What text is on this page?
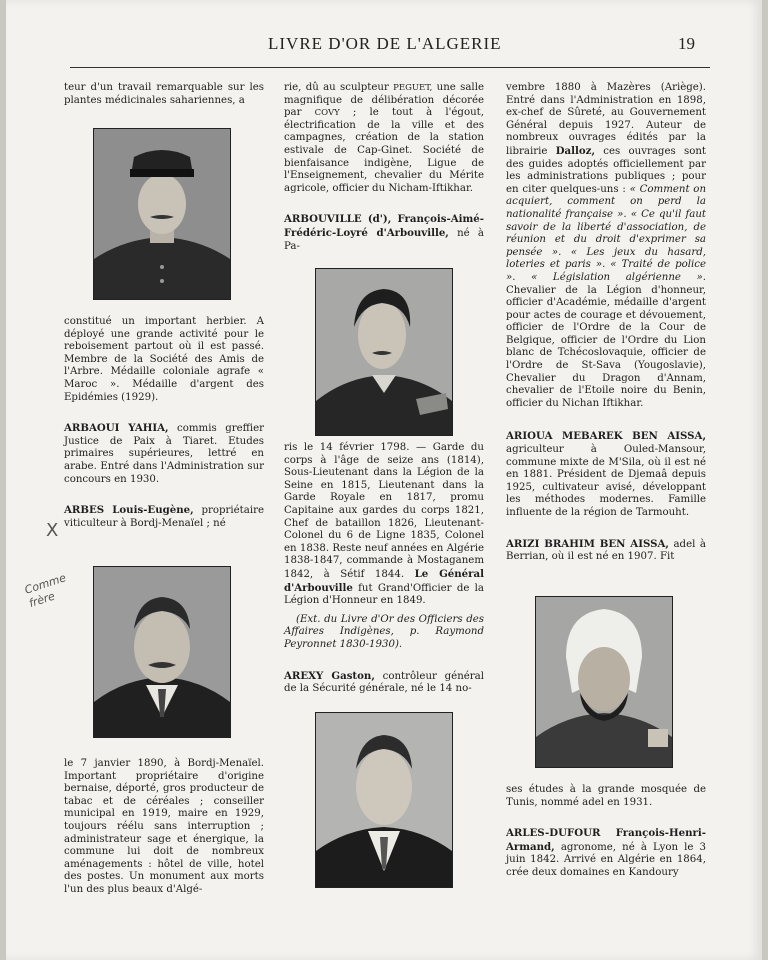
LIVRE D'OR DE L'ALGERIE	19

teur d'un travail remarquable sur les plantes médicinales sahariennes, a

constitué un important herbier. A déployé une grande activité pour le reboisement partout où il est passé. Membre de la Société des Amis de l'Arbre. Médaille coloniale agrafe « Maroc ». Médaille d'argent des Epidémies (1929).

ARBAOUI YAHIA, commis greffier Justice de Paix à Tiaret. Etudes primaires supérieures, lettré en arabe. Entré dans l'Administration sur concours en 1930.

ARBES Louis-Eugène, propriétaire viticulteur à Bordj-Menaïel ; né

X
Comme frère

le 7 janvier 1890, à Bordj-Menaïel. Important propriétaire d'origine bernaise, déporté, gros producteur de tabac et de céréales ; conseiller municipal en 1919, maire en 1929, toujours réélu sans interruption ; administrateur sage et énergique, la commune lui doit de nombreux aménagements : hôtel de ville, hotel des postes. Un monument aux morts l'un des plus beaux d'Algé-

rie, dû au sculpteur PEGUET, une salle magnifique de délibération décorée par COVY ; le tout à l'égout, électrification de la ville et des campagnes, création de la station estivale de Cap-Ginet. Société de bienfaisance indigène, Ligue de l'Enseignement, chevalier du Mérite agricole, officier du Nicham-Iftikhar.

ARBOUVILLE (d'), François-Aimé-Frédéric-Loyré d'Arbouville, né à Pa-

ris le 14 février 1798. — Garde du corps à l'âge de seize ans (1814), Sous-Lieutenant dans la Légion de la Seine en 1815, Lieutenant dans la Garde Royale en 1817, promu Capitaine aux gardes du corps 1821, Chef de bataillon 1826, Lieutenant-Colonel du 6 de Ligne 1835, Colonel en 1838. Reste neuf années en Algérie 1838-1847, commande à Mostaganem 1842, à Sétif 1844. Le Général d'Arbouville fut Grand'Officier de la Légion d'Honneur en 1849.

(Ext. du Livre d'Or des Officiers des Affaires Indigènes, p. Raymond Peyronnet 1830-1930).

AREXY Gaston, contrôleur général de la Sécurité générale, né le 14 no-

vembre 1880 à Mazères (Ariège). Entré dans l'Administration en 1898, ex-chef de Sûreté, au Gouvernement Général depuis 1927. Auteur de nombreux ouvrages édités par la librairie Dalloz, ces ouvrages sont des guides adoptés officiellement par les administrations publiques ; pour en citer quelques-uns : « Comment on acquiert, comment on perd la nationalité française ». « Ce qu'il faut savoir de la liberté d'association, de réunion et du droit d'exprimer sa pensée ». « Les jeux du hasard, loteries et paris ». « Traité de police ». « Législation algérienne ». Chevalier de la Légion d'honneur, officier d'Académie, médaille d'argent pour actes de courage et dévouement, officier de l'Ordre de la Cour de Belgique, officier de l'Ordre du Lion blanc de Tchécoslovaquie, officier de l'Ordre de St-Sava (Yougoslavie), Chevalier du Dragon d'Annam, chevalier de l'Etoile noire du Benin, officier du Nichan Iftikhar.

ARIOUA MEBAREK BEN AISSA, agriculteur à Ouled-Mansour, commune mixte de M'Sila, où il est né en 1881. Président de Djemaâ depuis 1925, cultivateur avisé, développant les méthodes modernes. Famille influente de la région de Tarmouht.

ARIZI BRAHIM BEN AISSA, adel à Berrian, où il est né en 1907. Fit

ses études à la grande mosquée de Tunis, nommé adel en 1931.

ARLES-DUFOUR François-Henri-Armand, agronome, né à Lyon le 3 juin 1842. Arrivé en Algérie en 1864, crée deux domaines en Kandoury
